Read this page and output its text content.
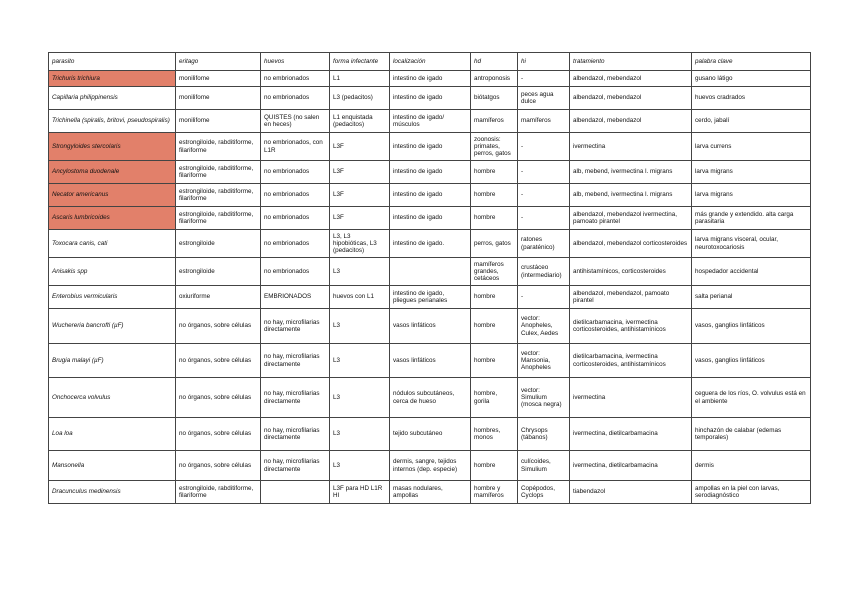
parasito	eritago	huevos	forma infectante	localización	hd	hi	tratamiento	palabra clave
Trichuris trichiura	monilifome	no embrionados	L1	intestino de igado	antroponosis	-	albendazol, mebendazol	gusano látigo
Capillaria philippinensis	monilifome	no embrionados	L3 (pedacitos)	intestino de igado	biótatgos	peces agua dulce	albendazol, mebendazol	huevos cradrados
Trichinella (spiralis, britovi, pseudospiralis)	monilifome	QUISTES (no salen en heces)	L1 enquistada (pedacitos)	intestino de igado/ músculos	mamíferos	mamíferos	albendazol, mebendazol	cerdo, jabalí
Strongyloides stercolaris	estrongiloide, rabditiforme, filariforme	no embrionados, con L1R	L3F	intestino de igado	zoonosis: primates, perros, gatos	-	ivermectina	larva currens
Ancylostoma duodenale	estrongiloide, rabditiforme, filariforme	no embrionados	L3F	intestino de igado	hombre	-	alb, mebend, ivermectina l. migrans	larva migrans
Necator americanus	estrongiloide, rabditiforme, filariforme	no embrionados	L3F	intestino de igado	hombre	-	alb, mebend, ivermectina l. migrans	larva migrans
Ascaris lumbricoides	estrongiloide, rabditiforme, filariforme	no embrionados	L3F	intestino de igado	hombre	-	albendazol, mebendazol ivermectina, pamoato pirantel	más grande y extendido. alta carga parasitaria
Toxocara canis, cati	estrongiloide	no embrionados	L3, L3 hipobióticas, L3 (pedacitos)	intestino de igado.	perros, gatos	ratones (paraténico)	albendazol, mebendazol corticosteroides	larva migrans visceral, ocular, neurotoxocariosis
Anisakis spp	estrongiloide	no embrionados	L3		mamíferos grandes, cetáceos	crustáceo (intermediario)	antihistamínicos, corticosteroides	hospedador accidental
Enterobius vermicularis	oxiuriforme	EMBRIONADOS	huevos con L1	intestino de igado, pliegues perianales	hombre	-	albendazol, mebendazol, pamoato pirantel	salta perianal
Wuchereria bancrofti (µF)	no órganos, sobre células	no hay, microfilarias directamente	L3	vasos linfáticos	hombre	vector: Anopheles, Culex, Aedes	dietilcarbamacina, ivermectina corticosteroides, antihistamínicos	vasos, ganglios linfáticos
Brugia malayi (µF)	no órganos, sobre células	no hay, microfilarias directamente	L3	vasos linfáticos	hombre	vector: Mansonia, Anopheles	dietilcarbamacina, ivermectina corticosteroides, antihistamínicos	vasos, ganglios linfáticos
Onchocerca volvulus	no órganos, sobre células	no hay, microfilarias directamente	L3	nódulos subcutáneos, cerca de hueso	hombre, gorila	vector: Simulium (mosca negra)	ivermectina	ceguera de los ríos, O. volvulus está en el ambiente
Loa loa	no órganos, sobre células	no hay, microfilarias directamente	L3	tejido subcutáneo	hombres, monos	Chrysops (tábanos)	ivermectina, dietilcarbamacina	hinchazón de calabar (edemas temporales)
Mansonella	no órganos, sobre células	no hay, microfilarias directamente	L3	dermis, sangre, tejidos internos (dep. especie)	hombre	culícoides, Simulium	ivermectina, dietilcarbamacina	dermis
Dracunculus medinensis	estrongiloide, rabditiforme, filariforme		L3F para HD L1R HI	masas nodulares, ampollas	hombre y mamíferos	Copépodos, Cyclops	tiabendazol	ampollas en la piel con larvas, serodiagnóstico
